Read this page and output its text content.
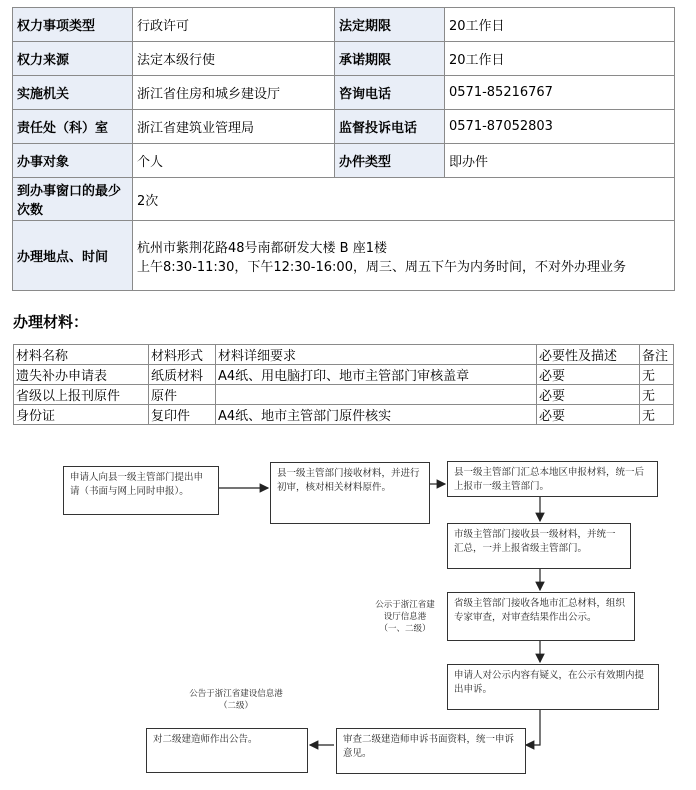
权力事项类型	行政许可	法定期限	20工作日
权力来源	法定本级行使	承诺期限	20工作日
实施机关	浙江省住房和城乡建设厅	咨询电话	0571-85216767
责任处（科）室	浙江省建筑业管理局	监督投诉电话	0571-87052803
办事对象	个人	办件类型	即办件
到办事窗口的最少次数	2次		
办理地点、时间	杭州市紫荆花路48号南都研发大楼 B 座1楼
上午8:30-11:30，下午12:30-16:00，周三、周五下午为内务时间，不对外办理业务		
办理材料：
材料名称	材料形式	材料详细要求	必要性及描述	备注
遗失补办申请表	纸质材料	A4纸、用电脑打印、地市主管部门审核盖章	必要	无
省级以上报刊原件	原件		必要	无
身份证	复印件	A4纸、地市主管部门原件核实	必要	无
申请人向县一级主管部门提出申请（书面与网上同时申报）。
县一级主管部门接收材料，并进行初审，核对相关材料原件。
县一级主管部门汇总本地区申报材料，统一后上报市一级主管部门。
市级主管部门接收县一级材料，并统一汇总，一并上报省级主管部门。
省级主管部门接收各地市汇总材料，组织专家审查，对审查结果作出公示。
申请人对公示内容有疑义，在公示有效期内提出申诉。
审查二级建造师申诉书面资料，统一申诉意见。
对二级建造师作出公告。
公示于浙江省建设厅信息港（一、二级）
公告于浙江省建设信息港（二级）
